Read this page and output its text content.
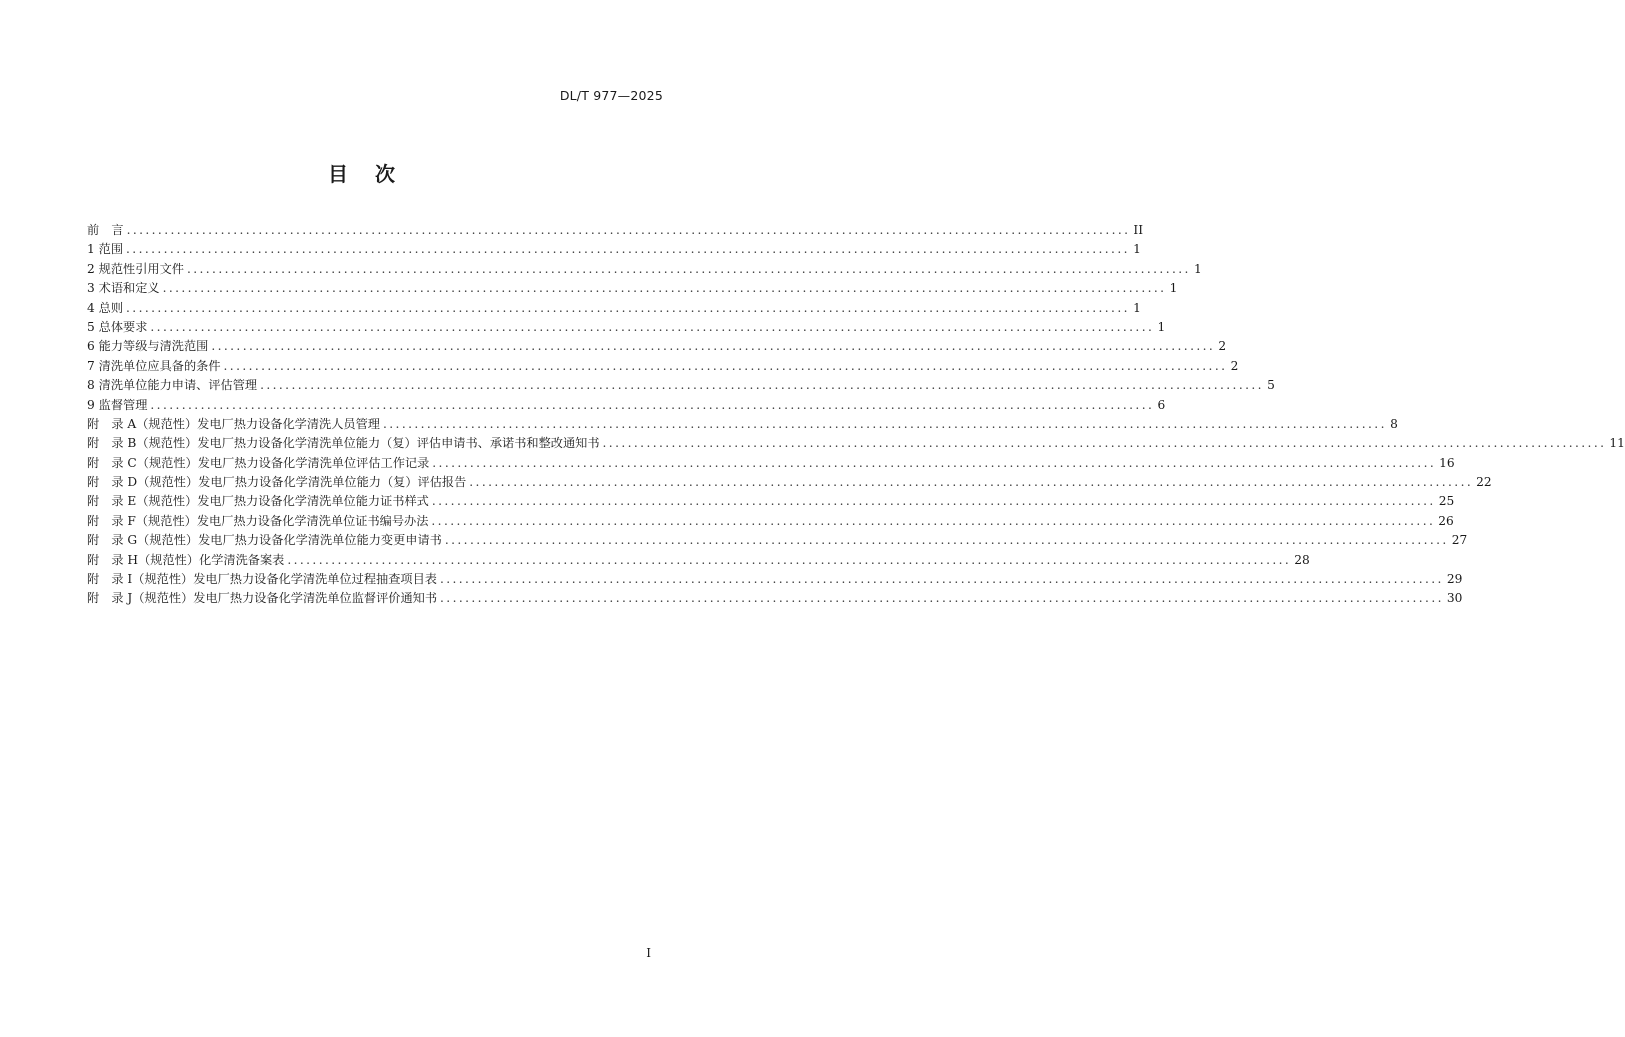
DL/T 977—2025
目 次
前　言 .....	II
1 范围 .....	1
2 规范性引用文件 .....	1
3 术语和定义 .....	1
4 总则 .....	1
5 总体要求 .....	1
6 能力等级与清洗范围 .....	2
7 清洗单位应具备的条件 .....	2
8 清洗单位能力申请、评估管理 .....	5
9 监督管理 .....	6
附　录 A（规范性）发电厂热力设备化学清洗人员管理 .....	8
附　录 B（规范性）发电厂热力设备化学清洗单位能力（复）评估申请书、承诺书和整改通知书 .....	11
附　录 C（规范性）发电厂热力设备化学清洗单位评估工作记录 .....	16
附　录 D（规范性）发电厂热力设备化学清洗单位能力（复）评估报告 .....	22
附　录 E（规范性）发电厂热力设备化学清洗单位能力证书样式 .....	25
附　录 F（规范性）发电厂热力设备化学清洗单位证书编号办法 .....	26
附　录 G（规范性）发电厂热力设备化学清洗单位能力变更申请书 .....	27
附　录 H（规范性）化学清洗备案表 .....	28
附　录 I（规范性）发电厂热力设备化学清洗单位过程抽查项目表 .....	29
附　录 J（规范性）发电厂热力设备化学清洗单位监督评价通知书 .....	30
I
